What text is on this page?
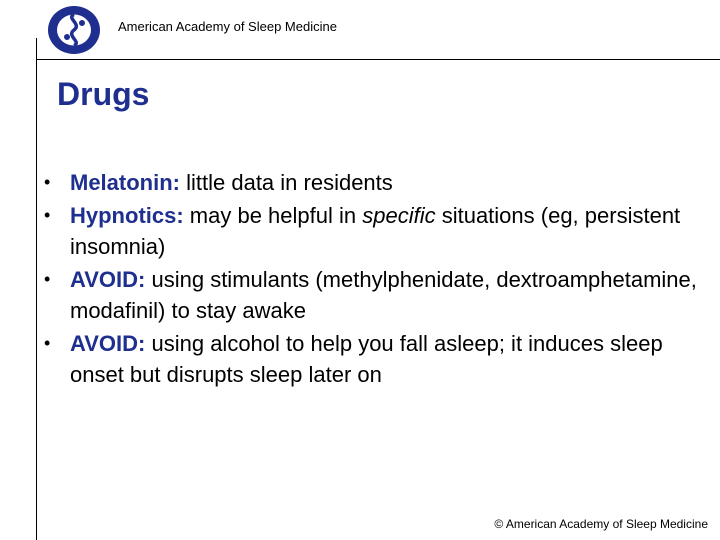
American Academy of Sleep Medicine
Drugs
• Melatonin: little data in residents
• Hypnotics: may be helpful in specific situations (eg, persistent insomnia)
• AVOID: using stimulants (methylphenidate, dextroamphetamine, modafinil) to stay awake
• AVOID: using alcohol to help you fall asleep; it induces sleep onset but disrupts sleep later on
© American Academy of Sleep Medicine
